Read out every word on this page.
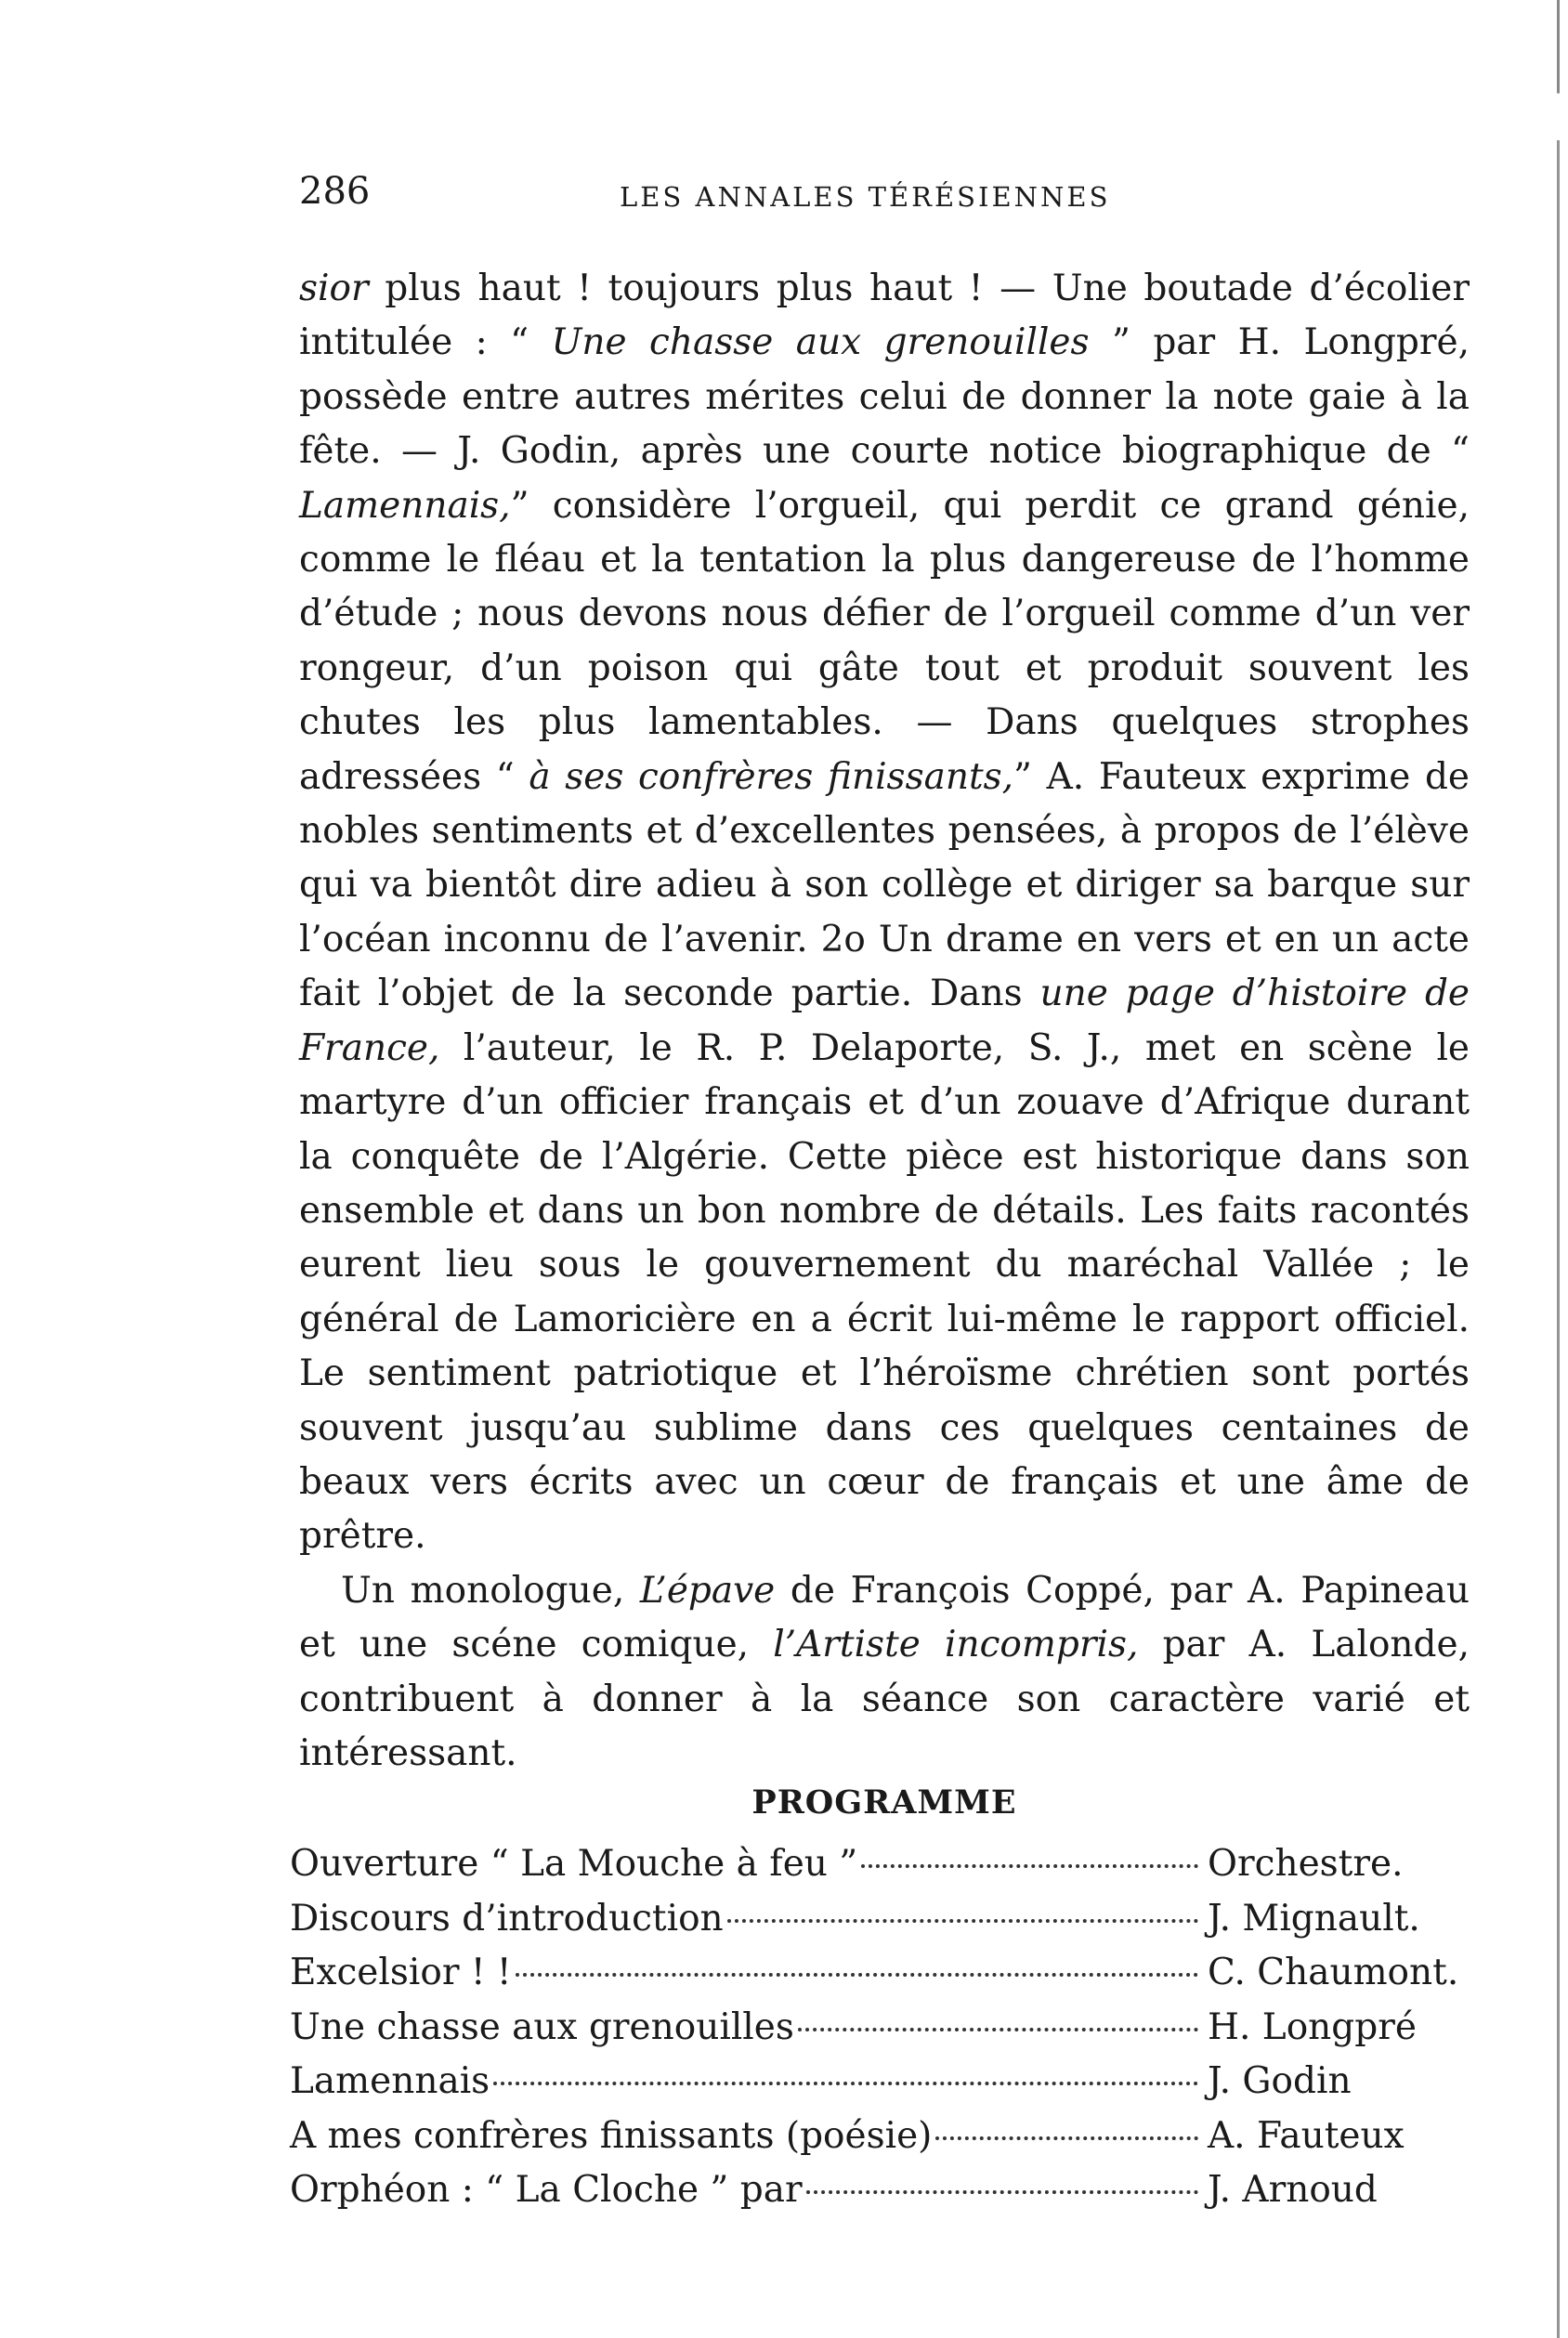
286	LES ANNALES TÉRÉSIENNES

sior plus haut ! toujours plus haut ! — Une boutade d’écolier intitulée : “ Une chasse aux grenouilles ” par H. Longpré, possède entre autres mérites celui de donner la note gaie à la fête. — J. Godin, après une courte notice biographique de “ Lamennais,” considère l’orgueil, qui perdit ce grand génie, comme le fléau et la tentation la plus dangereuse de l’homme d’étude ; nous devons nous défier de l’orgueil comme d’un ver rongeur, d’un poison qui gâte tout et produit souvent les chutes les plus lamentables. — Dans quelques strophes adressées “ à ses confrères finissants,” A. Fauteux exprime de nobles sentiments et d’excellentes pensées, à propos de l’élève qui va bientôt dire adieu à son collège et diriger sa barque sur l’océan inconnu de l’avenir. 2o Un drame en vers et en un acte fait l’objet de la seconde partie. Dans une page d’histoire de France, l’auteur, le R. P. Delaporte, S. J., met en scène le martyre d’un officier français et d’un zouave d’Afrique durant la conquête de l’Algérie. Cette pièce est historique dans son ensemble et dans un bon nombre de détails. Les faits racontés eurent lieu sous le gouvernement du maréchal Vallée ; le général de Lamoricière en a écrit lui-même le rapport officiel. Le sentiment patriotique et l’héroïsme chrétien sont portés souvent jusqu’au sublime dans ces quelques centaines de beaux vers écrits avec un cœur de français et une âme de prêtre.

Un monologue, L’épave de François Coppé, par A. Papineau et une scéne comique, l’Artiste incompris, par A. Lalonde, contribuent à donner à la séance son caractère varié et intéressant.

PROGRAMME
Ouverture “ La Mouche à feu ”	Orchestre.
Discours d’introduction	J. Mignault.
Excelsior ! !	C. Chaumont.
Une chasse aux grenouilles	H. Longpré
Lamennais	J. Godin
A mes confrères finissants (poésie)	A. Fauteux
Orphéon : “ La Cloche ” par	J. Arnoud
